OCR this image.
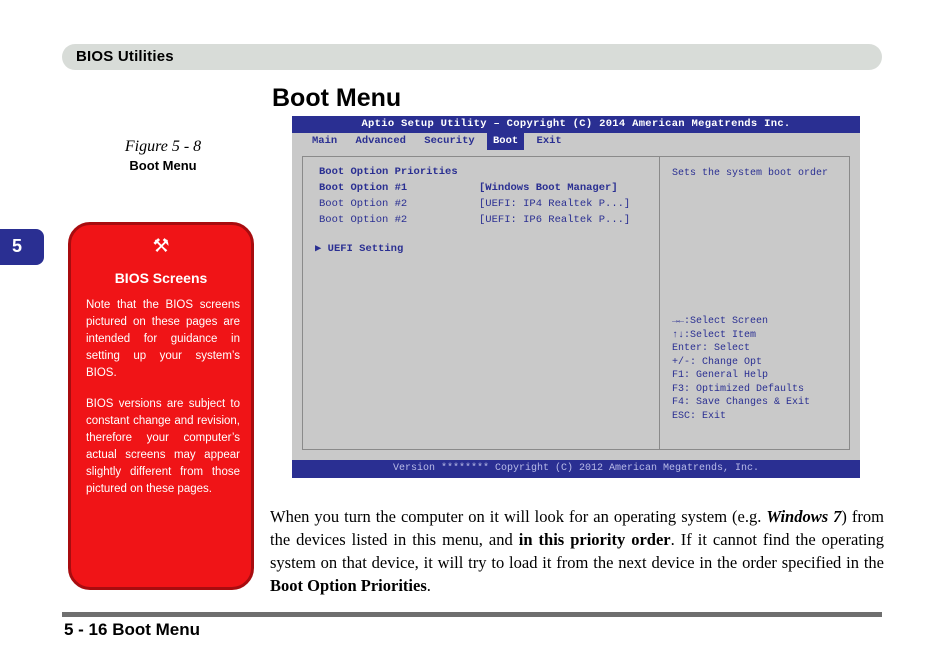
BIOS Utilities
Boot Menu
Figure 5 - 8
Boot Menu
5	⚒
BIOS Screens

Note that the BIOS screens pictured on these pages are intended for guidance in setting up your system’s BIOS.

BIOS versions are subject to constant change and revision, therefore your computer’s actual screens may appear slightly different from those pictured on these pages.

Aptio Setup Utility – Copyright (C) 2014 American Megatrends Inc.
Main Advanced Security Boot Exit
Boot Option Priorities
Boot Option #1	[Windows Boot Manager]
Boot Option #2	[UEFI: IP4 Realtek P...]
Boot Option #2	[UEFI: IP6 Realtek P...]
▶ UEFI Setting
Sets the system boot order
→←:Select Screen
↑↓:Select Item
Enter: Select
+/-: Change Opt
F1: General Help
F3: Optimized Defaults
F4: Save Changes & Exit
ESC: Exit
Version ******** Copyright (C) 2012 American Megatrends, Inc.
When you turn the computer on it will look for an operating system (e.g. Windows 7) from the devices listed in this menu, and in this priority order. If it cannot find the operating system on that device, it will try to load it from the next device in the order specified in the Boot Option Priorities.
5 - 16 Boot Menu
